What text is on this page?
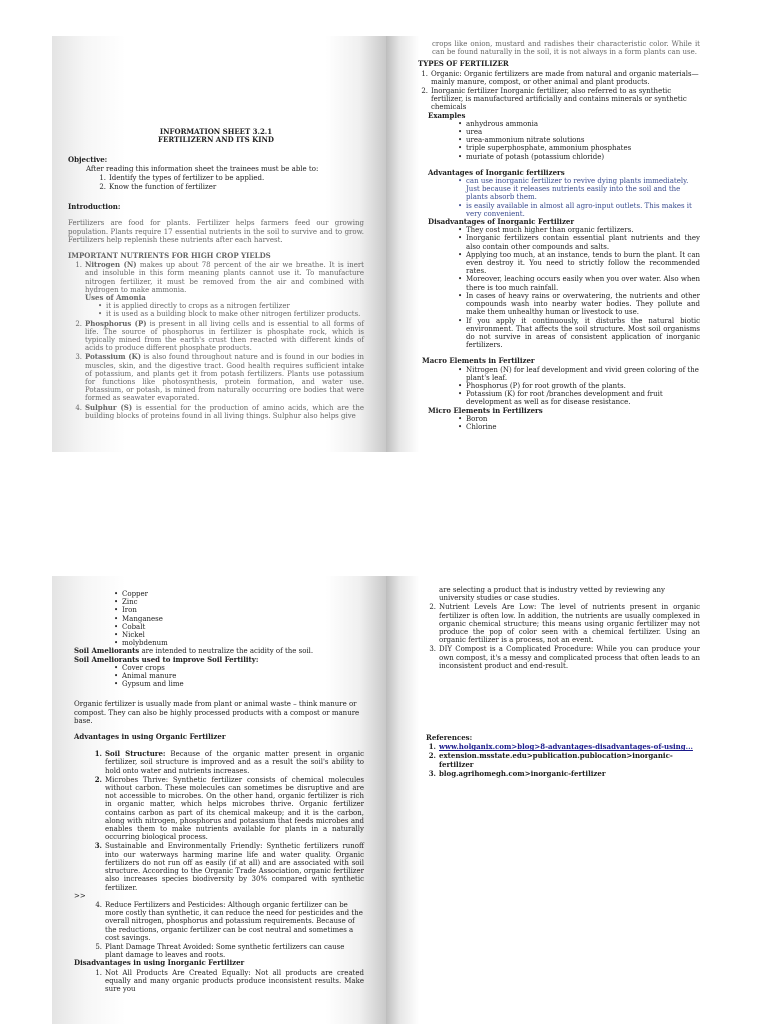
INFORMATION SHEET 3.2.1
FERTILIZERN AND ITS KIND
Objective:
After reading this information sheet the trainees must be able to:
1. Identify the types of fertilizer to be applied.
2. Know the function of fertilizer
Introduction:
Fertilizers are food for plants. Fertilizer helps farmers feed our growing population. Plants require 17 essential nutrients in the soil to survive and to grow. Fertilizers help replenish these nutrients after each harvest.
IMPORTANT NUTRIENTS FOR HIGH CROP YIELDS
1. Nitrogen (N) makes up about 78 percent of the air we breathe. It is inert and insoluble in this form meaning plants cannot use it. To manufacture nitrogen fertilizer, it must be removed from the air and combined with hydrogen to make ammonia.
Uses of Amonia
• it is applied directly to crops as a nitrogen fertilizer
• it is used as a building block to make other nitrogen fertilizer products.
2. Phosphorus (P) is present in all living cells and is essential to all forms of life. The source of phosphorus in fertilizer is phosphate rock, which is typically mined from the earth's crust then reacted with different kinds of acids to produce different phosphate products.
3. Potassium (K) is also found throughout nature and is found in our bodies in muscles, skin, and the digestive tract. Good health requires sufficient intake of potassium, and plants get it from potash fertilizers. Plants use potassium for functions like photosynthesis, protein formation, and water use. Potassium, or potash, is mined from naturally occurring ore bodies that were formed as seawater evaporated.
4. Sulphur (S) is essential for the production of amino acids, which are the building blocks of proteins found in all living things. Sulphur also helps give
crops like onion, mustard and radishes their characteristic color. While it can be found naturally in the soil, it is not always in a form plants can use.
TYPES OF FERTILIZER
1. Organic: Organic fertilizers are made from natural and organic materials—mainly manure, compost, or other animal and plant products.
2. Inorganic fertilizer Inorganic fertilizer, also referred to as synthetic fertilizer, is manufactured artificially and contains minerals or synthetic chemicals
Examples
• anhydrous ammonia
• urea
• urea-ammonium nitrate solutions
• triple superphosphate, ammonium phosphates
• muriate of potash (potassium chloride)
Advantages of Inorganic fertilizers
• can use inorganic fertilizer to revive dying plants immediately. Just because it releases nutrients easily into the soil and the plants absorb them.
• is easily available in almost all agro-input outlets. This makes it very convenient.
Disadvantages of Inorganic Fertilizer
• They cost much higher than organic fertilizers.
• Inorganic fertilizers contain essential plant nutrients and they also contain other compounds and salts.
• Applying too much, at an instance, tends to burn the plant. It can even destroy it. You need to strictly follow the recommended rates.
• Moreover, leaching occurs easily when you over water. Also when there is too much rainfall.
• In cases of heavy rains or overwatering, the nutrients and other compounds wash into nearby water bodies. They pollute and make them unhealthy human or livestock to use.
• If you apply it continuously, it disturbs the natural biotic environment. That affects the soil structure. Most soil organisms do not survive in areas of consistent application of inorganic fertilizers.
Macro Elements in Fertilizer
• Nitrogen (N) for leaf development and vivid green coloring of the plant's leaf.
• Phosphorus (P) for root growth of the plants.
• Potassium (K) for root /branches development and fruit development as well as for disease resistance.
Micro Elements in Fertilizers
• Boron
• Chlorine
• Copper
• Zinc
• Iron
• Manganese
• Cobalt
• Nickel
• molybdenum
Soil Ameliorants are intended to neutralize the acidity of the soil.
Soil Ameliorants used to improve Soil Fertility:
• Cover crops
• Animal manure
• Gypsum and lime
Organic fertilizer is usually made from plant or animal waste – think manure or compost. They can also be highly processed products with a compost or manure base.
Advantages in using Organic Fertilizer
1. Soil Structure: Because of the organic matter present in organic fertilizer, soil structure is improved and as a result the soil's ability to hold onto water and nutrients increases.
2. Microbes Thrive: Synthetic fertilizer consists of chemical molecules without carbon. These molecules can sometimes be disruptive and are not accessible to microbes. On the other hand, organic fertilizer is rich in organic matter, which helps microbes thrive. Organic fertilizer contains carbon as part of its chemical makeup; and it is the carbon, along with nitrogen, phosphorus and potassium that feeds microbes and enables them to make nutrients available for plants in a naturally occurring biological process.
3. Sustainable and Environmentally Friendly: Synthetic fertilizers runoff into our waterways harming marine life and water quality. Organic fertilizers do not run off as easily (if at all) and are associated with soil structure. According to the Organic Trade Association, organic fertilizer also increases species biodiversity by 30% compared with synthetic fertilizer.
>>
4. Reduce Fertilizers and Pesticides: Although organic fertilizer can be more costly than synthetic, it can reduce the need for pesticides and the overall nitrogen, phosphorus and potassium requirements. Because of the reductions, organic fertilizer can be cost neutral and sometimes a cost savings.
5. Plant Damage Threat Avoided: Some synthetic fertilizers can cause plant damage to leaves and roots.
Disadvantages in using Inorganic Fertilizer
1. Not All Products Are Created Equally: Not all products are created equally and many organic products produce inconsistent results. Make sure you
are selecting a product that is industry vetted by reviewing any university studies or case studies.
2. Nutrient Levels Are Low: The level of nutrients present in organic fertilizer is often low. In addition, the nutrients are usually complexed in organic chemical structure; this means using organic fertilizer may not produce the pop of color seen with a chemical fertilizer. Using an organic fertilizer is a process, not an event.
3. DIY Compost is a Complicated Procedure: While you can produce your own compost, it's a messy and complicated process that often leads to an inconsistent product and end-result.
References:
1. www.holganix.com>blog>8-advantages-disadvantages-of-using...
2. extension.msstate.edu>publication.publocation>inorganic-fertilizer
3. blog.agrihomegh.com>inorganic-fertilizer
